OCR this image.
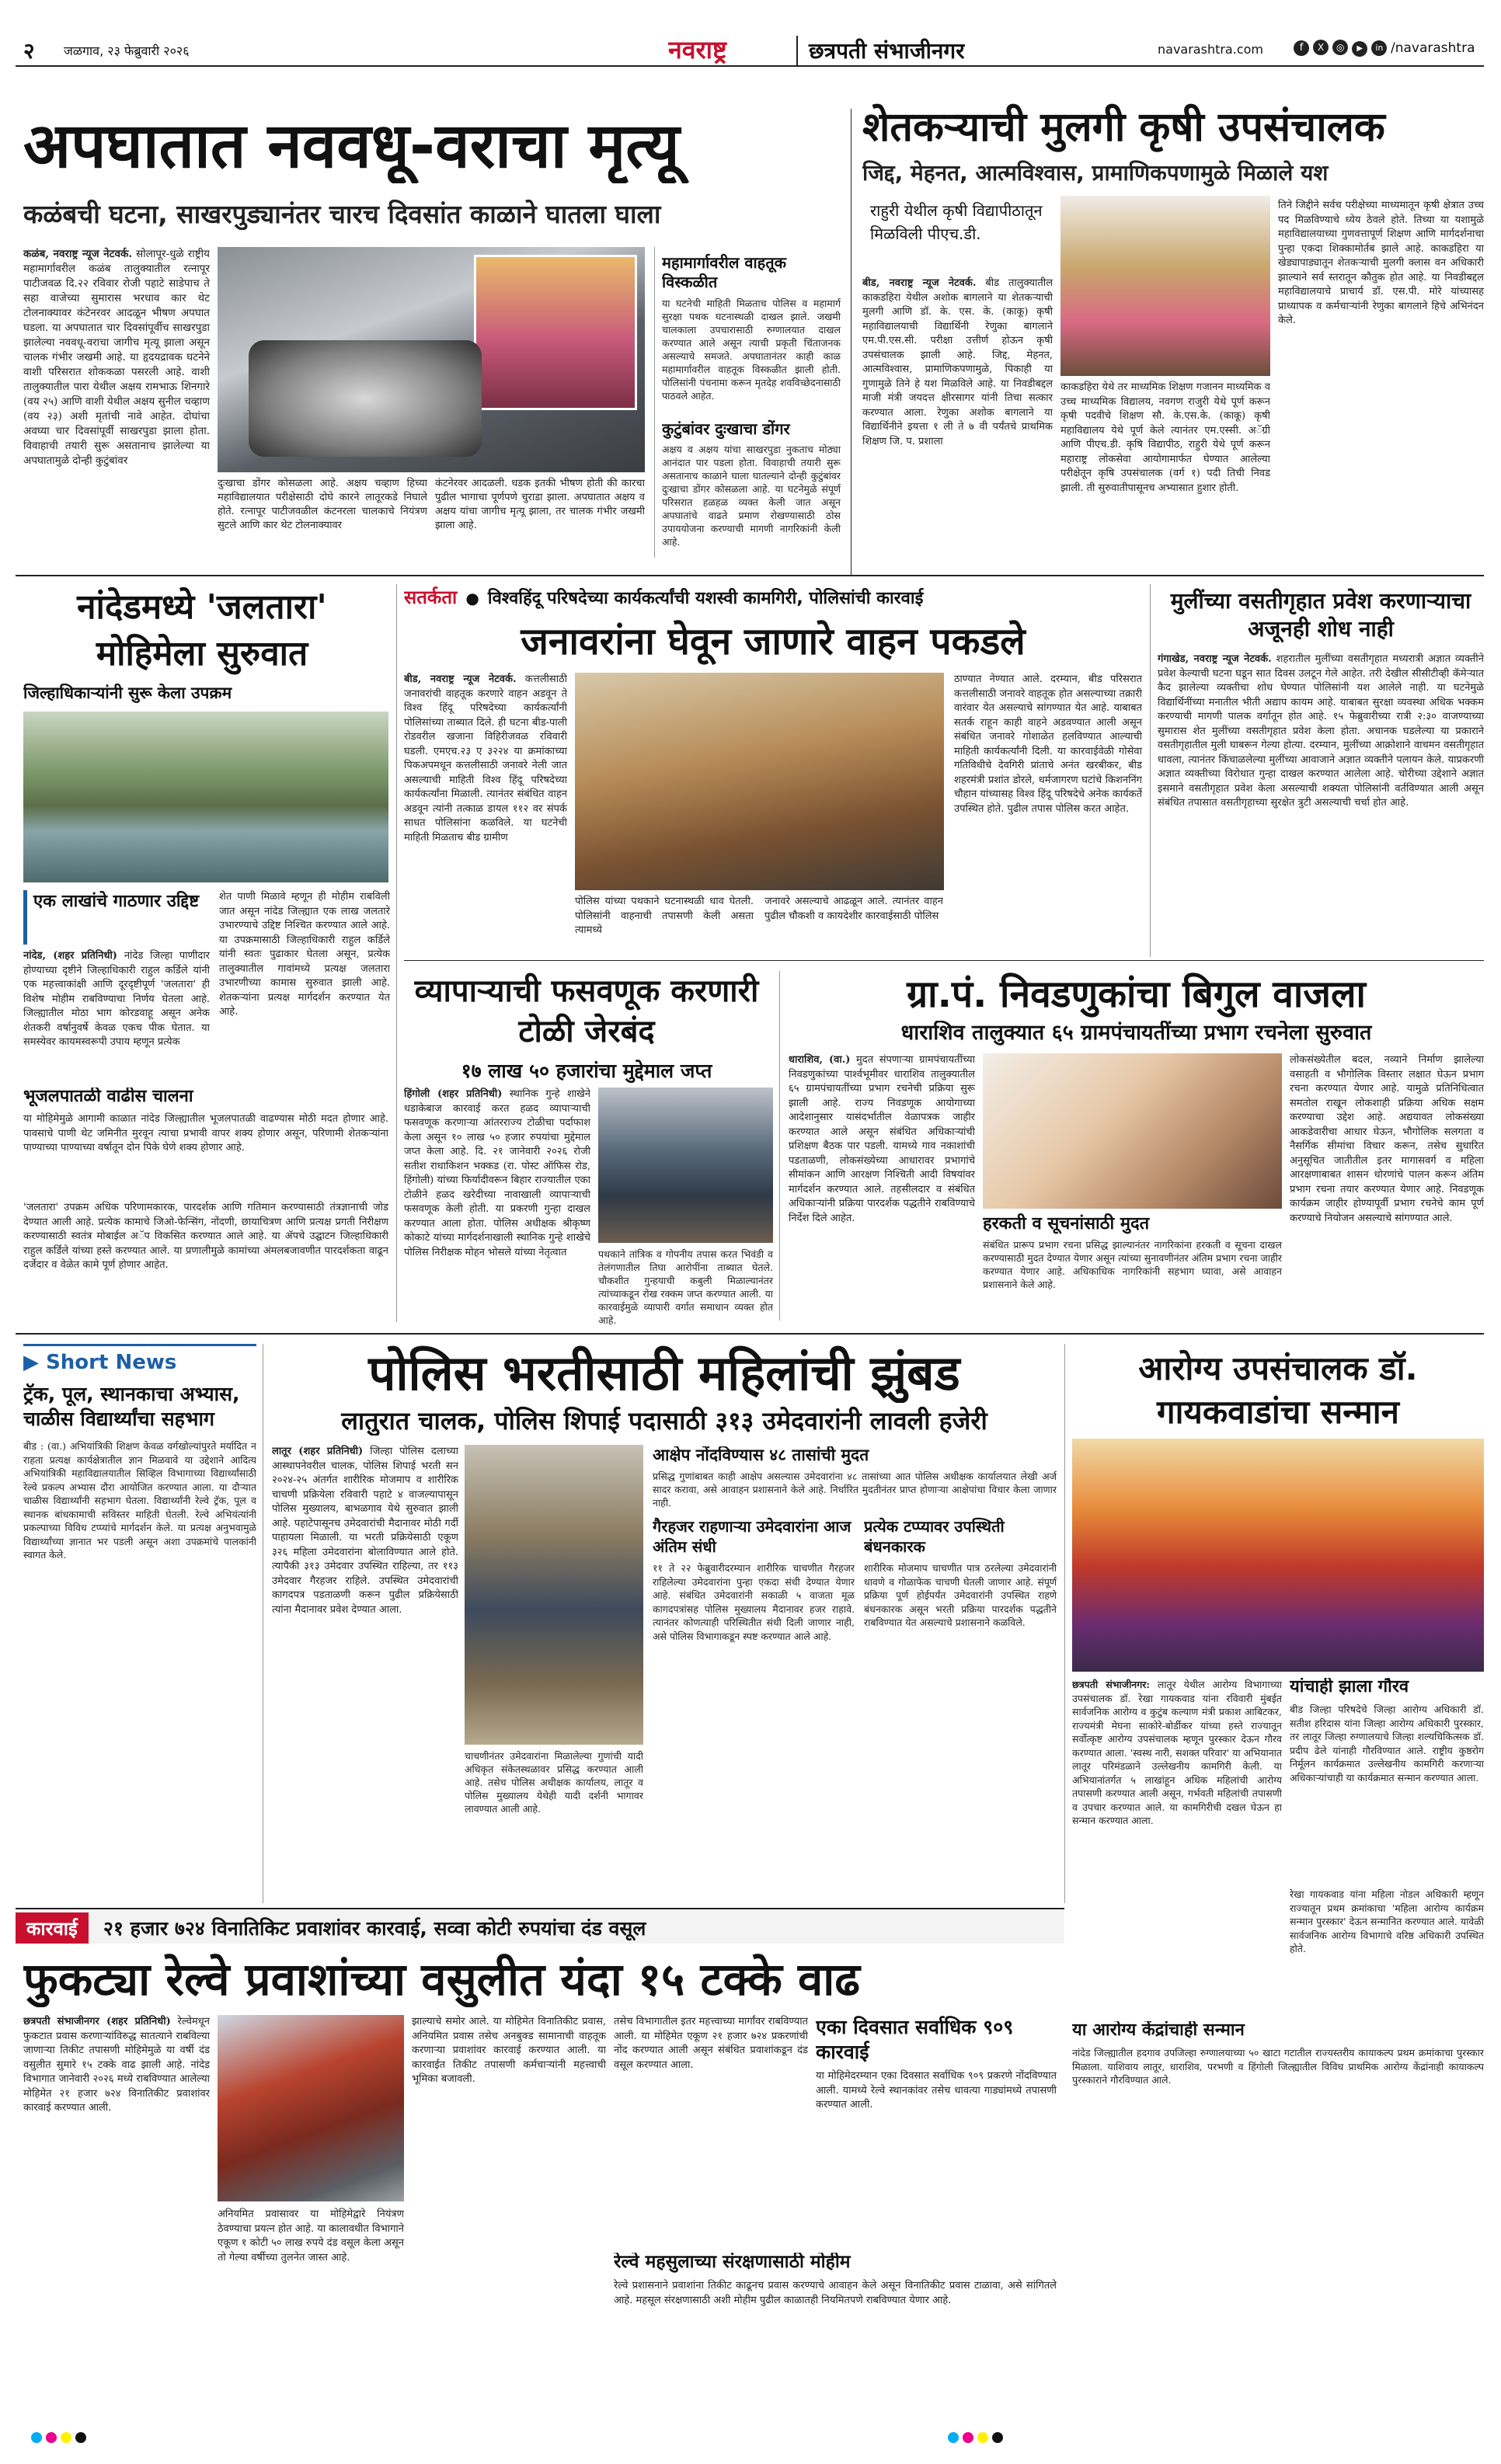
२ जळगाव, २३ फेब्रुवारी २०२६	नवराष्ट्र	छत्रपती संभाजीनगर	navarashtra.com	f X ◎ ▶ in /navarashtra
अपघातात नववधू-वराचा मृत्यू
कळंबची घटना, साखरपुड्यानंतर चारच दिवसांत काळाने घातला घाला
कळंब, नवराष्ट्र न्यूज नेटवर्क. सोलापूर-धुळे राष्ट्रीय महामार्गावरील कळंब तालुक्यातील रत्नापूर पाटीजवळ दि.२२ रविवार रोजी पहाटे साडेपाच ते सहा वाजेच्या सुमारास भरधाव कार थेट टोलनाक्यावर कंटेनरवर आदळून भीषण अपघात घडला. या अपघातात चार दिवसांपूर्वीच साखरपुडा झालेल्या नववधू-वराचा जागीच मृत्यू झाला असून चालक गंभीर जखमी आहे. या हृदयद्रावक घटनेने वाशी परिसरात शोककळा पसरली आहे. वाशी तालुक्यातील पारा येथील अक्षय रामभाऊ शिनगारे (वय २५) आणि वाशी येथील अक्षय सुनील चव्हाण (वय २३) अशी मृतांची नावे आहेत. दोघांचा अवघ्या चार दिवसांपूर्वी साखरपुडा झाला होता. विवाहाची तयारी सुरू असतानाच झालेल्या या अपघातामुळे दोन्ही कुटुंबांवर
दुःखाचा डोंगर कोसळला आहे. अक्षय चव्हाण हिच्या महाविद्यालयात परीक्षेसाठी दोघे कारने लातूरकडे निघाले होते. रत्नापूर पाटीजवळील कंटनरला चालकाचे नियंत्रण सुटले आणि कार थेट टोलनाक्यावर
कंटनेरवर आदळली. धडक इतकी भीषण होती की कारचा पुढील भागाचा पूर्णपणे चुराडा झाला. अपघातात अक्षय व अक्षय यांचा जागीच मृत्यू झाला, तर चालक गंभीर जखमी झाला आहे.
महामार्गावरील वाहतूक विस्कळीत
या घटनेची माहिती मिळताच पोलिस व महामार्ग सुरक्षा पथक घटनास्थळी दाखल झाले. जखमी चालकाला उपचारासाठी रुग्णालयात दाखल करण्यात आले असून त्याची प्रकृती चिंताजनक असल्याचे समजते. अपघातानंतर काही काळ महामार्गावरील वाहतूक विस्कळीत झाली होती. पोलिसांनी पंचनामा करून मृतदेह शवविच्छेदनासाठी पाठवले आहेत.
कुटुंबांवर दुःखाचा डोंगर
अक्षय व अक्षय यांचा साखरपुडा नुकताच मोठ्या आनंदात पार पडला होता. विवाहाची तयारी सुरू असतानाच काळाने घाला घातल्याने दोन्ही कुटुंबांवर दुःखाचा डोंगर कोसळला आहे. या घटनेमुळे संपूर्ण परिसरात हळहळ व्यक्त केली जात असून अपघातांचे वाढते प्रमाण रोखण्यासाठी ठोस उपाययोजना करण्याची मागणी नागरिकांनी केली आहे.
शेतकऱ्याची मुलगी कृषी उपसंचालक
जिद्द, मेहनत, आत्मविश्वास, प्रामाणिकपणामुळे मिळाले यश
राहुरी येथील कृषी विद्यापीठातून मिळविली पीएच.डी.
बीड, नवराष्ट्र न्यूज नेटवर्क. बीड तालुक्यातील काकडहिरा येथील अशोक बागलाने या शेतकऱ्याची मुलगी आणि डॉ. के. एस. के. (काकू) कृषी महाविद्यालयाची विद्यार्थिनी रेणुका बागलाने एम.पी.एस.सी. परीक्षा उत्तीर्ण होऊन कृषी उपसंचालक झाली आहे. जिद्द, मेहनत, आत्मविश्वास, प्रामाणिकपणामुळे, पिकाही या गुणामुळे तिने हे यश मिळविले आहे. या निवडीबद्दल माजी मंत्री जयदत्त क्षीरसागर यांनी तिचा सत्कार करण्यात आला. रेणुका अशोक बागलाने या विद्यार्थिनीने इयत्ता १ ली ते ७ वी पर्यंतचे प्राथमिक शिक्षण जि. प. प्रशाला
काकडहिरा येथे तर माध्यमिक शिक्षण गजानन माध्यमिक व उच्च माध्यमिक विद्यालय, नवगण राजुरी येथे पूर्ण करून कृषी पदवीचे शिक्षण सौ. के.एस.के. (काकू) कृषी महाविद्यालय येथे पूर्ण केले त्यानंतर एम.एस्सी. अॅग्री आणि पीएच.डी. कृषि विद्यापीठ, राहुरी येथे पूर्ण करून महाराष्ट्र लोकसेवा आयोगामार्फत घेण्यात आलेल्या परीक्षेतून कृषि उपसंचालक (वर्ग १) पदी तिची निवड झाली. ती सुरुवातीपासूनच अभ्यासात हुशार होती.
तिने जिद्दीने सर्वच परीक्षेच्या माध्यमातून कृषी क्षेत्रात उच्च पद मिळविण्याचे ध्येय ठेवले होते. तिच्या या यशामुळे महाविद्यालयाच्या गुणवत्तापूर्ण शिक्षण आणि मार्गदर्शनाचा पुन्हा एकदा शिक्कामोर्तब झाले आहे. काकडहिरा या खेड्यापाड्यातून शेतकऱ्याची मुलगी क्लास वन अधिकारी झाल्याने सर्व स्तरातून कौतुक होत आहे. या निवडीबद्दल महाविद्यालयाचे प्राचार्य डॉ. एस.पी. मोरे यांच्यासह प्राध्यापक व कर्मचाऱ्यांनी रेणुका बागलाने हिचे अभिनंदन केले.
नांदेडमध्ये 'जलतारा' मोहिमेला सुरुवात
जिल्हाधिकाऱ्यांनी सुरू केला उपक्रम
एक लाखांचे गाठणार उद्दिष्ट
नांदेड, (शहर प्रतिनिधी) नांदेड जिल्हा पाणीदार होण्याच्या दृष्टीने जिल्हाधिकारी राहुल कर्डिले यांनी एक महत्त्वाकांक्षी आणि दूरदृष्टीपूर्ण 'जलतारा' ही विशेष मोहीम राबविण्याचा निर्णय घेतला आहे. जिल्ह्यातील मोठा भाग कोरडवाहू असून अनेक शेतकरी वर्षानुवर्षे केवळ एकच पीक घेतात. या समस्येवर कायमस्वरूपी उपाय म्हणून प्रत्येक
शेत पाणी मिळावे म्हणून ही मोहीम राबविली जात असून नांदेड जिल्ह्यात एक लाख जलतारे उभारण्याचे उद्दिष्ट निश्चित करण्यात आले आहे. या उपक्रमासाठी जिल्हाधिकारी राहुल कर्डिले यांनी स्वतः पुढाकार घेतला असून, प्रत्येक तालुक्यातील गावांमध्ये प्रत्यक्ष जलतारा उभारणीच्या कामास सुरुवात झाली आहे. शेतकऱ्यांना प्रत्यक्ष मार्गदर्शन करण्यात येत आहे.
भूजलपातळी वाढीस चालना
या मोहिमेमुळे आगामी काळात नांदेड जिल्ह्यातील भूजलपातळी वाढण्यास मोठी मदत होणार आहे. पावसाचे पाणी थेट जमिनीत मुरवून त्याचा प्रभावी वापर शक्य होणार असून, परिणामी शेतकऱ्यांना पाण्याच्या पाण्याच्या वर्षातून दोन पिके घेणे शक्य होणार आहे.
'जलतारा' उपक्रम अधिक परिणामकारक, पारदर्शक आणि गतिमान करण्यासाठी तंत्रज्ञानाची जोड देण्यात आली आहे. प्रत्येक कामाचे जिओ-फेन्सिंग, नोंदणी, छायाचित्रण आणि प्रत्यक्ष प्रगती निरीक्षण करण्यासाठी स्वतंत्र मोबाईल अॅप विकसित करण्यात आले आहे. या ॲपचे उद्घाटन जिल्हाधिकारी राहुल कर्डिले यांच्या हस्ते करण्यात आले. या प्रणालीमुळे कामांच्या अंमलबजावणीत पारदर्शकता वाढून दर्जेदार व वेळेत कामे पूर्ण होणार आहेत.
सतर्कता ● विश्वहिंदू परिषदेच्या कार्यकर्त्यांची यशस्वी कामगिरी, पोलिसांची कारवाई
जनावरांना घेवून जाणारे वाहन पकडले
बीड, नवराष्ट्र न्यूज नेटवर्क. कत्तलीसाठी जनावरांची वाहतूक करणारे वाहन अडवून ते विश्व हिंदू परिषदेच्या कार्यकर्त्यांनी पोलिसांच्या ताब्यात दिले. ही घटना बीड-पाली रोडवरील खजाना विहिरीजवळ रविवारी घडली. एमएच.२३ ए ३२२४ या क्रमांकाच्या पिकअपमधून कत्तलीसाठी जनावरे नेली जात असल्याची माहिती विश्व हिंदू परिषदेच्या कार्यकर्त्यांना मिळाली. त्यानंतर संबंधित वाहन अडवून त्यांनी तत्काळ डायल ११२ वर संपर्क साधत पोलिसांना कळविले. या घटनेची माहिती मिळताच बीड ग्रामीण
पोलिस यांच्या पथकाने घटनास्थळी धाव घेतली. पोलिसांनी वाहनाची तपासणी केली असता त्यामध्ये
जनावरे असल्याचे आढळून आले. त्यानंतर वाहन पुढील चौकशी व कायदेशीर कारवाईसाठी पोलिस
ठाण्यात नेण्यात आले. दरम्यान, बीड परिसरात कत्तलीसाठी जनावरे वाहतूक होत असल्याच्या तक्रारी वारंवार येत असल्याचे सांगण्यात येत आहे. याबाबत सतर्क राहून काही वाहने अडवण्यात आली असून संबंधित जनावरे गोशाळेत हलविण्यात आल्याची माहिती कार्यकर्त्यांनी दिली. या कारवाईवेळी गोसेवा गतिविधीचे देवगिरी प्रांताचे अनंत खरबीकर, बीड शहरमंत्री प्रशांत डोरले, धर्मजागरण घटांचे किशननिंग चौहान यांच्यासह विश्व हिंदू परिषदेचे अनेक कार्यकर्ते उपस्थित होते. पुढील तपास पोलिस करत आहेत.
मुलींच्या वसतीगृहात प्रवेश करणाऱ्याचा अजूनही शोध नाही
गंगाखेड, नवराष्ट्र न्यूज नेटवर्क. शहरातील मुलींच्या वसतीगृहात मध्यरात्री अज्ञात व्यक्तीने प्रवेश केल्याची घटना घडून सात दिवस उलटून गेले आहेत. तरी देखील सीसीटीव्ही कॅमेऱ्यात कैद झालेल्या व्यक्तीचा शोध घेण्यात पोलिसांनी यश आलेले नाही. या घटनेमुळे विद्यार्थिनींच्या मनातील भीती अद्याप कायम आहे. याबाबत सुरक्षा व्यवस्था अधिक भक्कम करण्याची मागणी पालक वर्गातून होत आहे. १५ फेब्रुवारीच्या रात्री २:३० वाजण्याच्या सुमारास शेत मुलींच्या वसतीगृहात प्रवेश केला होता. अचानक घडलेल्या या प्रकाराने वसतीगृहातील मुली घाबरून गेल्या होत्या. दरम्यान, मुलींच्या आक्रोशाने वाचमन वसतीगृहात धावला, त्यानंतर किंचाळलेल्या मुलींच्या आवाजाने अज्ञात व्यक्तीने पलायन केले. याप्रकरणी अज्ञात व्यक्तीच्या विरोधात गुन्हा दाखल करण्यात आलेला आहे. चोरीच्या उद्देशाने अज्ञात इसमाने वसतीगृहात प्रवेश केला असल्याची शक्यता पोलिसांनी वर्तविण्यात आली असून संबंधित तपासात वसतीगृहाच्या सुरक्षेत त्रुटी असल्याची चर्चा होत आहे.
व्यापाऱ्याची फसवणूक करणारी टोळी जेरबंद
१७ लाख ५० हजारांचा मुद्देमाल जप्त
हिंगोली (शहर प्रतिनिधी) स्थानिक गुन्हे शाखेने धडाकेबाज कारवाई करत हळद व्यापाऱ्याची फसवणूक करणाऱ्या आंतरराज्य टोळीचा पर्दाफाश केला असून १० लाख ५० हजार रुपयांचा मुद्देमाल जप्त केला आहे. दि. २१ जानेवारी २०२६ रोजी सतीश राधाकिशन भक्कड (रा. पोस्ट ऑफिस रोड, हिंगोली) यांच्या फिर्यादीवरून बिहार राज्यातील एका टोळीने हळद खरेदीच्या नावाखाली व्यापाऱ्याची फसवणूक केली होती. या प्रकरणी गुन्हा दाखल करण्यात आला होता. पोलिस अधीक्षक श्रीकृष्ण कोकाटे यांच्या मार्गदर्शनाखाली स्थानिक गुन्हे शाखेचे पोलिस निरीक्षक मोहन भोसले यांच्या नेतृत्वात	पथकाने तांत्रिक व गोपनीय तपास करत भिवंडी व तेलंगणातील तिघा आरोपींना ताब्यात घेतले. चौकशीत गुन्हयाची कबुली मिळाल्यानंतर त्यांच्याकडून रोख रक्कम जप्त करण्यात आली. या कारवाईमुळे व्यापारी वर्गात समाधान व्यक्त होत आहे.
ग्रा.पं. निवडणुकांचा बिगुल वाजला
धाराशिव तालुक्यात ६५ ग्रामपंचायतींच्या प्रभाग रचनेला सुरुवात
धाराशिव, (वा.) मुदत संपणाऱ्या ग्रामपंचायतींच्या निवडणुकांच्या पार्श्वभूमीवर धाराशिव तालुक्यातील ६५ ग्रामपंचायतींच्या प्रभाग रचनेची प्रक्रिया सुरू झाली आहे. राज्य निवडणूक आयोगाच्या आदेशानुसार यासंदर्भातील वेळापत्रक जाहीर करण्यात आले असून संबंधित अधिकाऱ्यांची प्रशिक्षण बैठक पार पडली. यामध्ये गाव नकाशांची पडताळणी, लोकसंख्येच्या आधारावर प्रभागांचे सीमांकन आणि आरक्षण निश्चिती आदी विषयांवर मार्गदर्शन करण्यात आले. तहसीलदार व संबंधित अधिकाऱ्यांनी प्रक्रिया पारदर्शक पद्धतीने राबविण्याचे निर्देश दिले आहेत.	हरकती व सूचनांसाठी मुदत
संबंधित प्रारूप प्रभाग रचना प्रसिद्ध झाल्यानंतर नागरिकांना हरकती व सूचना दाखल करण्यासाठी मुदत देण्यात येणार असून त्यांच्या सुनावणीनंतर अंतिम प्रभाग रचना जाहीर करण्यात येणार आहे. अधिकाधिक नागरिकांनी सहभाग घ्यावा, असे आवाहन प्रशासनाने केले आहे.
लोकसंख्येतील बदल, नव्याने निर्माण झालेल्या वसाहती व भौगोलिक विस्तार लक्षात घेऊन प्रभाग रचना करण्यात येणार आहे. यामुळे प्रतिनिधित्वात समतोल राखून लोकशाही प्रक्रिया अधिक सक्षम करण्याचा उद्देश आहे. अद्ययावत लोकसंख्या आकडेवारीचा आधार घेऊन, भौगोलिक सलगता व नैसर्गिक सीमांचा विचार करून, तसेच सुधारित अनुसूचित जातीतील इतर मागासवर्ग व महिला आरक्षणाबाबत शासन धोरणांचे पालन करून अंतिम प्रभाग रचना तयार करण्यात येणार आहे. निवडणूक कार्यक्रम जाहीर होण्यापूर्वी प्रभाग रचनेचे काम पूर्ण करण्याचे नियोजन असल्याचे सांगण्यात आले.
▶ Short News
ट्रॅक, पूल, स्थानकाचा अभ्यास, चाळीस विद्यार्थ्यांचा सहभाग
बीड : (वा.) अभियांत्रिकी शिक्षण केवळ वर्गखोल्यांपुरते मर्यादित न राहता प्रत्यक्ष कार्यक्षेत्रातील ज्ञान मिळवावे या उद्देशाने आदित्य अभियांत्रिकी महाविद्यालयातील सिव्हिल विभागाच्या विद्यार्थ्यांसाठी रेल्वे प्रकल्प अभ्यास दौरा आयोजित करण्यात आला. या दौऱ्यात चाळीस विद्यार्थ्यांनी सहभाग घेतला. विद्यार्थ्यांनी रेल्वे ट्रॅक, पूल व स्थानक बांधकामाची सविस्तर माहिती घेतली. रेल्वे अभियंत्यांनी प्रकल्पाच्या विविध टप्प्यांचे मार्गदर्शन केले. या प्रत्यक्ष अनुभवामुळे विद्यार्थ्यांच्या ज्ञानात भर पडली असून अशा उपक्रमांचे पालकांनी स्वागत केले.
पोलिस भरतीसाठी महिलांची झुंबड
लातुरात चालक, पोलिस शिपाई पदासाठी ३१३ उमेदवारांनी लावली हजेरी
लातूर (शहर प्रतिनिधी) जिल्हा पोलिस दलाच्या आस्थापनेवरील चालक, पोलिस शिपाई भरती सन २०२४-२५ अंतर्गत शारीरिक मोजमाप व शारीरिक चाचणी प्रक्रियेला रविवारी पहाटे ४ वाजल्यापासून पोलिस मुख्यालय, बाभळगाव येथे सुरुवात झाली आहे. पहाटेपासूनच उमेदवारांची मैदानावर मोठी गर्दी पाहायला मिळाली. या भरती प्रक्रियेसाठी एकूण ३२६ महिला उमेदवारांना बोलाविण्यात आले होते. त्यापैकी ३१३ उमेदवार उपस्थित राहिल्या, तर ११३ उमेदवार गैरहजर राहिले. उपस्थित उमेदवारांची कागदपत्र पडताळणी करून पुढील प्रक्रियेसाठी त्यांना मैदानावर प्रवेश देण्यात आला.
चाचणीनंतर उमेदवारांना मिळालेल्या गुणांची यादी अधिकृत संकेतस्थळावर प्रसिद्ध करण्यात आली आहे. तसेच पोलिस अधीक्षक कार्यालय, लातूर व पोलिस मुख्यालय येथेही यादी दर्शनी भागावर लावण्यात आली आहे.
आक्षेप नोंदविण्यास ४८ तासांची मुदत
प्रसिद्ध गुणांबाबत काही आक्षेप असल्यास उमेदवारांना ४८ तासांच्या आत पोलिस अधीक्षक कार्यालयात लेखी अर्ज सादर करावा, असे आवाहन प्रशासनाने केले आहे. निर्धारित मुदतीनंतर प्राप्त होणाऱ्या आक्षेपांचा विचार केला जाणार नाही.
गैरहजर राहणाऱ्या उमेदवारांना आज अंतिम संधी
११ ते २२ फेब्रुवारीदरम्यान शारीरिक चाचणीत गैरहजर राहिलेल्या उमेदवारांना पुन्हा एकदा संधी देण्यात येणार आहे. संबंधित उमेदवारांनी सकाळी ५ वाजता मूळ कागदपत्रांसह पोलिस मुख्यालय मैदानावर हजर राहावे. त्यानंतर कोणत्याही परिस्थितीत संधी दिली जाणार नाही, असे पोलिस विभागाकडून स्पष्ट करण्यात आले आहे.
प्रत्येक टप्प्यावर उपस्थिती बंधनकारक
शारीरिक मोजमाप चाचणीत पात्र ठरलेल्या उमेदवारांनी धावणे व गोळाफेक चाचणी घेतली जाणार आहे. संपूर्ण प्रक्रिया पूर्ण होईपर्यंत उमेदवारांनी उपस्थित राहणे बंधनकारक असून भरती प्रक्रिया पारदर्शक पद्धतीने राबविण्यात येत असल्याचे प्रशासनाने कळविले.
आरोग्य उपसंचालक डॉ. गायकवाडांचा सन्मान
छत्रपती संभाजीनगर: लातूर येथील आरोग्य विभागाच्या उपसंचालक डॉ. रेखा गायकवाड यांना रविवारी मुंबईत सार्वजनिक आरोग्य व कुटुंब कल्याण मंत्री प्रकाश आबिटकर, राज्यमंत्री मेघना साकोरे-बोर्डीकर यांच्या हस्ते राज्यातून सर्वोत्कृष्ट आरोग्य उपसंचालक म्हणून पुरस्कार देऊन गौरव करण्यात आला. 'स्वस्थ नारी, सशक्त परिवार' या अभियानात लातूर परिमंडळाने उल्लेखनीय कामगिरी केली. या अभियानांतर्गत ५ लाखांहून अधिक महिलांची आरोग्य तपासणी करण्यात आली असून, गर्भवती महिलांची तपासणी व उपचार करण्यात आले. या कामगिरीची दखल घेऊन हा सन्मान करण्यात आला.
यांचाही झाला गौरव
बीड जिल्हा परिषदेचे जिल्हा आरोग्य अधिकारी डॉ. सतीश हरिदास यांना जिल्हा आरोग्य अधिकारी पुरस्कार, तर लातूर जिल्हा रुग्णालयाचे जिल्हा शल्यचिकित्सक डॉ. प्रदीप ढेले यांनाही गौरविण्यात आले. राष्ट्रीय कुष्ठरोग निर्मूलन कार्यक्रमात उल्लेखनीय कामगिरी करणाऱ्या अधिकाऱ्यांचाही या कार्यक्रमात सन्मान करण्यात आला.
रेखा गायकवाड यांना महिला नोडल अधिकारी म्हणून राज्यातून प्रथम क्रमांकाचा 'महिला आरोग्य कार्यक्रम सन्मान पुरस्कार' देऊन सन्मानित करण्यात आले. यावेळी सार्वजनिक आरोग्य विभागाचे वरिष्ठ अधिकारी उपस्थित होते.
या आरोग्य केंद्रांचाही सन्मान
नांदेड जिल्ह्यातील हदगाव उपजिल्हा रुग्णालयाच्या ५० खाटा गटातील राज्यस्तरीय कायाकल्प प्रथम क्रमांकाचा पुरस्कार मिळाला. याशिवाय लातूर, धाराशिव, परभणी व हिंगोली जिल्ह्यातील विविध प्राथमिक आरोग्य केंद्रांनाही कायाकल्प पुरस्काराने गौरविण्यात आले.
कारवाई २१ हजार ७२४ विनातिकिट प्रवाशांवर कारवाई, सव्वा कोटी रुपयांचा दंड वसूल
फुकट्या रेल्वे प्रवाशांच्या वसुलीत यंदा १५ टक्के वाढ
छत्रपती संभाजीनगर (शहर प्रतिनिधी) रेल्वेमधून फुकटात प्रवास करणाऱ्यांविरुद्ध सातत्याने राबविल्या जाणाऱ्या तिकीट तपासणी मोहिमेमुळे या वर्षी दंड वसुलीत सुमारे १५ टक्के वाढ झाली आहे. नांदेड विभागात जानेवारी २०२६ मध्ये राबविण्यात आलेल्या मोहिमेत २१ हजार ७२४ विनातिकीट प्रवाशांवर कारवाई करण्यात आली.
अनियमित प्रवासावर या मोहिमेद्वारे नियंत्रण ठेवण्याचा प्रयत्न होत आहे. या कालावधीत विभागाने एकूण १ कोटी ५० लाख रुपये दंड वसूल केला असून तो गेल्या वर्षीच्या तुलनेत जास्त आहे.
झाल्याचे समोर आले. या मोहिमेत विनातिकीट प्रवास, अनियमित प्रवास तसेच अनबुक्ड सामानाची वाहतूक करणाऱ्या प्रवाशांवर कारवाई करण्यात आली. या कारवाईत तिकीट तपासणी कर्मचाऱ्यांनी महत्त्वाची भूमिका बजावली.
तसेच विभागातील इतर महत्त्वाच्या मार्गांवर राबविण्यात आली. या मोहिमेत एकूण २१ हजार ७२४ प्रकरणांची नोंद करण्यात आली असून संबंधित प्रवाशांकडून दंड वसूल करण्यात आला.
एका दिवसात सर्वाधिक ९०९ कारवाई
या मोहिमेदरम्यान एका दिवसात सर्वाधिक ९०९ प्रकरणे नोंदविण्यात आली. यामध्ये रेल्वे स्थानकांवर तसेच धावत्या गाड्यांमध्ये तपासणी करण्यात आली.
रेल्वे महसुलाच्या संरक्षणासाठी मोहीम
रेल्वे प्रशासनाने प्रवाशांना तिकीट काढूनच प्रवास करण्याचे आवाहन केले असून विनातिकीट प्रवास टाळावा, असे सांगितले आहे. महसूल संरक्षणासाठी अशी मोहीम पुढील काळातही नियमितपणे राबविण्यात येणार आहे.
